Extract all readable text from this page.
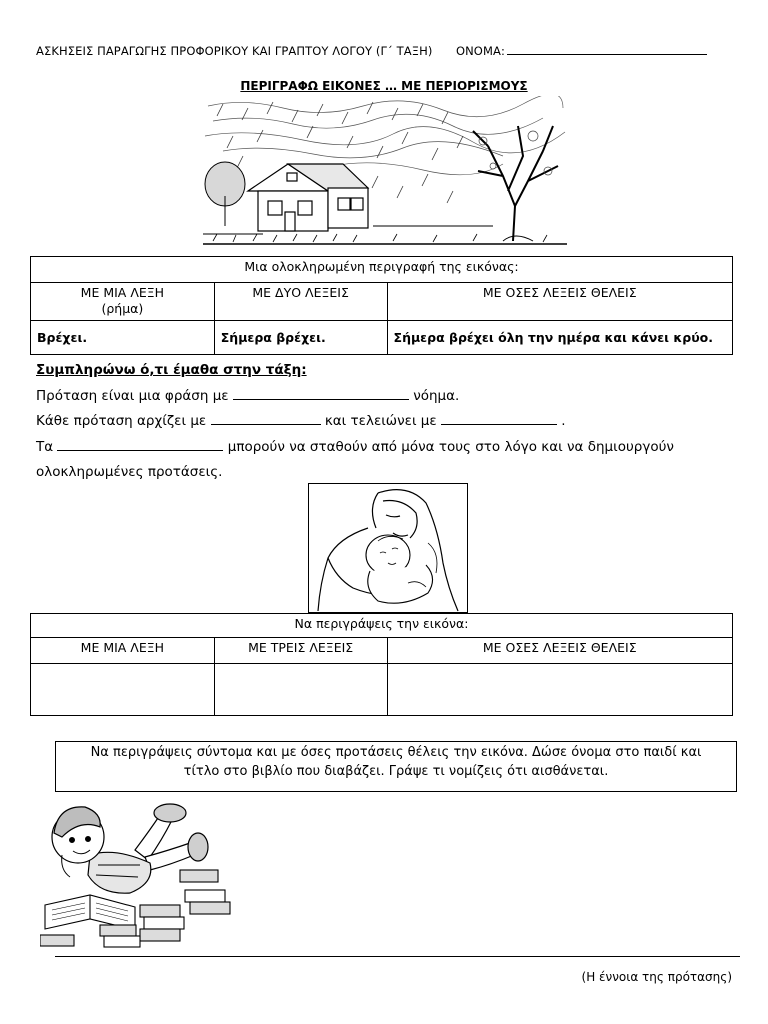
ΑΣΚΗΣΕΙΣ ΠΑΡΑΓΩΓΗΣ ΠΡΟΦΟΡΙΚΟΥ ΚΑΙ ΓΡΑΠΤΟΥ ΛΟΓΟΥ (Γ΄ ΤΑΞΗ) ΟΝΟΜΑ:
ΠΕΡΙΓΡΑΦΩ ΕΙΚΟΝΕΣ … ΜΕ ΠΕΡΙΟΡΙΣΜΟΥΣ
Μια ολοκληρωμένη περιγραφή της εικόνας:		

ΜΕ ΜΙΑ ΛΕΞΗ
(ρήμα)	ΜΕ ΔΥΟ ΛΕΞΕΙΣ	ΜΕ ΟΣΕΣ ΛΕΞΕΙΣ ΘΕΛΕΙΣ
Βρέχει.	Σήμερα βρέχει.	Σήμερα βρέχει όλη την ημέρα και κάνει κρύο.
Συμπληρώνω ό,τι έμαθα στην τάξη:
Πρόταση είναι μια φράση με	νόημα.
Κάθε πρόταση αρχίζει με	και τελειώνει με	.
Τα	μπορούν να σταθούν από μόνα τους στο λόγο και να δημιουργούν
ολοκληρωμένες προτάσεις.
Να περιγράψεις την εικόνα:		
ΜΕ ΜΙΑ ΛΕΞΗ	ΜΕ ΤΡΕΙΣ ΛΕΞΕΙΣ	ΜΕ ΟΣΕΣ ΛΕΞΕΙΣ ΘΕΛΕΙΣ

Να περιγράψεις σύντομα και με όσες προτάσεις θέλεις την εικόνα. Δώσε όνομα στο παιδί και
τίτλο στο βιβλίο που διαβάζει. Γράψε τι νομίζεις ότι αισθάνεται.
(Η έννοια της πρότασης)
